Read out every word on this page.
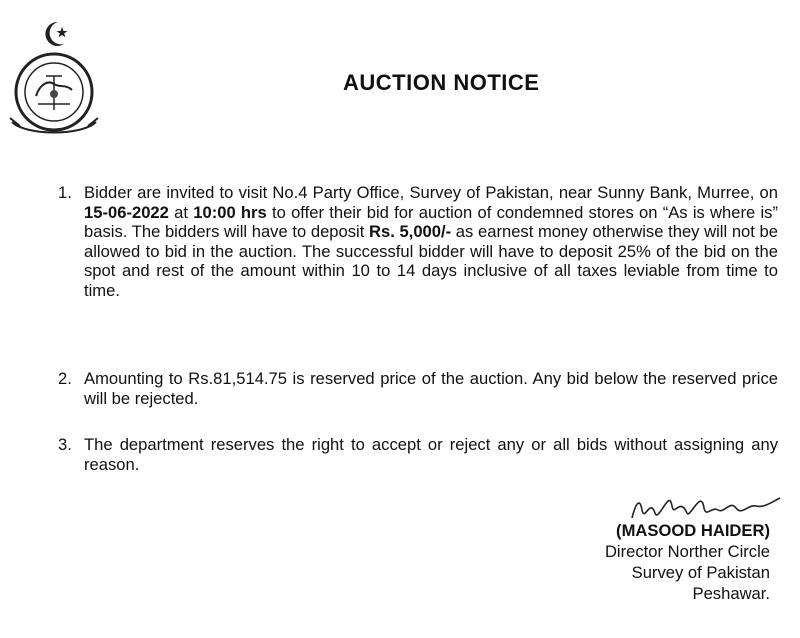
AUCTION NOTICE
1. Bidder are invited to visit No.4 Party Office, Survey of Pakistan, near Sunny Bank, Murree, on 15-06-2022 at 10:00 hrs to offer their bid for auction of condemned stores on “As is where is” basis. The bidders will have to deposit Rs. 5,000/- as earnest money otherwise they will not be allowed to bid in the auction. The successful bidder will have to deposit 25% of the bid on the spot and rest of the amount within 10 to 14 days inclusive of all taxes leviable from time to time.
2. Amounting to Rs.81,514.75 is reserved price of the auction. Any bid below the reserved price will be rejected.
3. The department reserves the right to accept or reject any or all bids without assigning any reason.
(MASOOD HAIDER)
Director Norther Circle
Survey of Pakistan
Peshawar.
